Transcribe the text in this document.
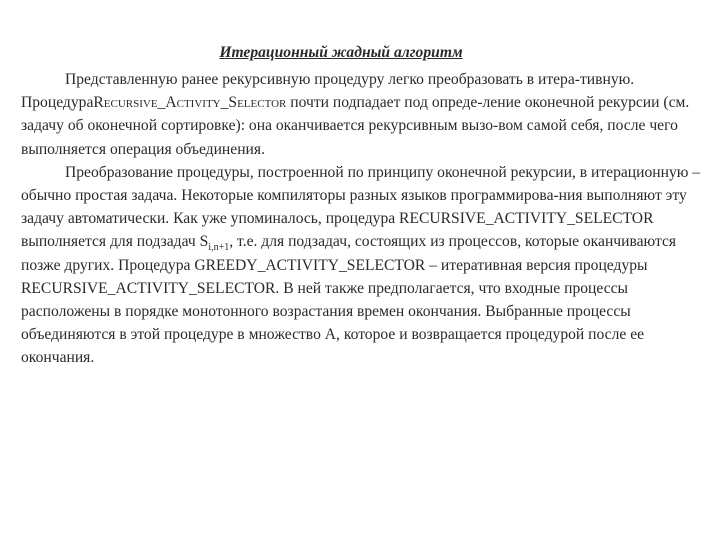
Итерационный жадный алгоритм

Представленную ранее рекурсивную процедуру легко преобразовать в итера-тивную. ПроцедураRecursive_Activity_Selector почти подпадает под опреде-ление оконечной рекурсии (см. задачу об оконечной сортировке): она оканчивается рекурсивным вызо-вом самой себя, после чего выполняется операция объединения.

Преобразование процедуры, построенной по принципу оконечной рекурсии, в итерационную – обычно простая задача. Некоторые компиляторы разных языков программирова-ния выполняют эту задачу автоматически. Как уже упоминалось, процедура RECURSIVE_ACTIVITY_SELECTOR выполняется для подзадач $S_{i,n+1}$, т.е. для подзадач, состоящих из процессов, которые оканчиваются позже других. Процедура GREEDY_ACTIVITY_SELECTOR – итеративная версия процедуры RECURSIVE_ACTIVITY_SELECTOR. В ней также предполагается, что входные процессы расположены в порядке монотонного возрастания времен окончания. Выбранные процессы объединяются в этой процедуре в множество А, которое и возвращается процедурой после ее окончания.
